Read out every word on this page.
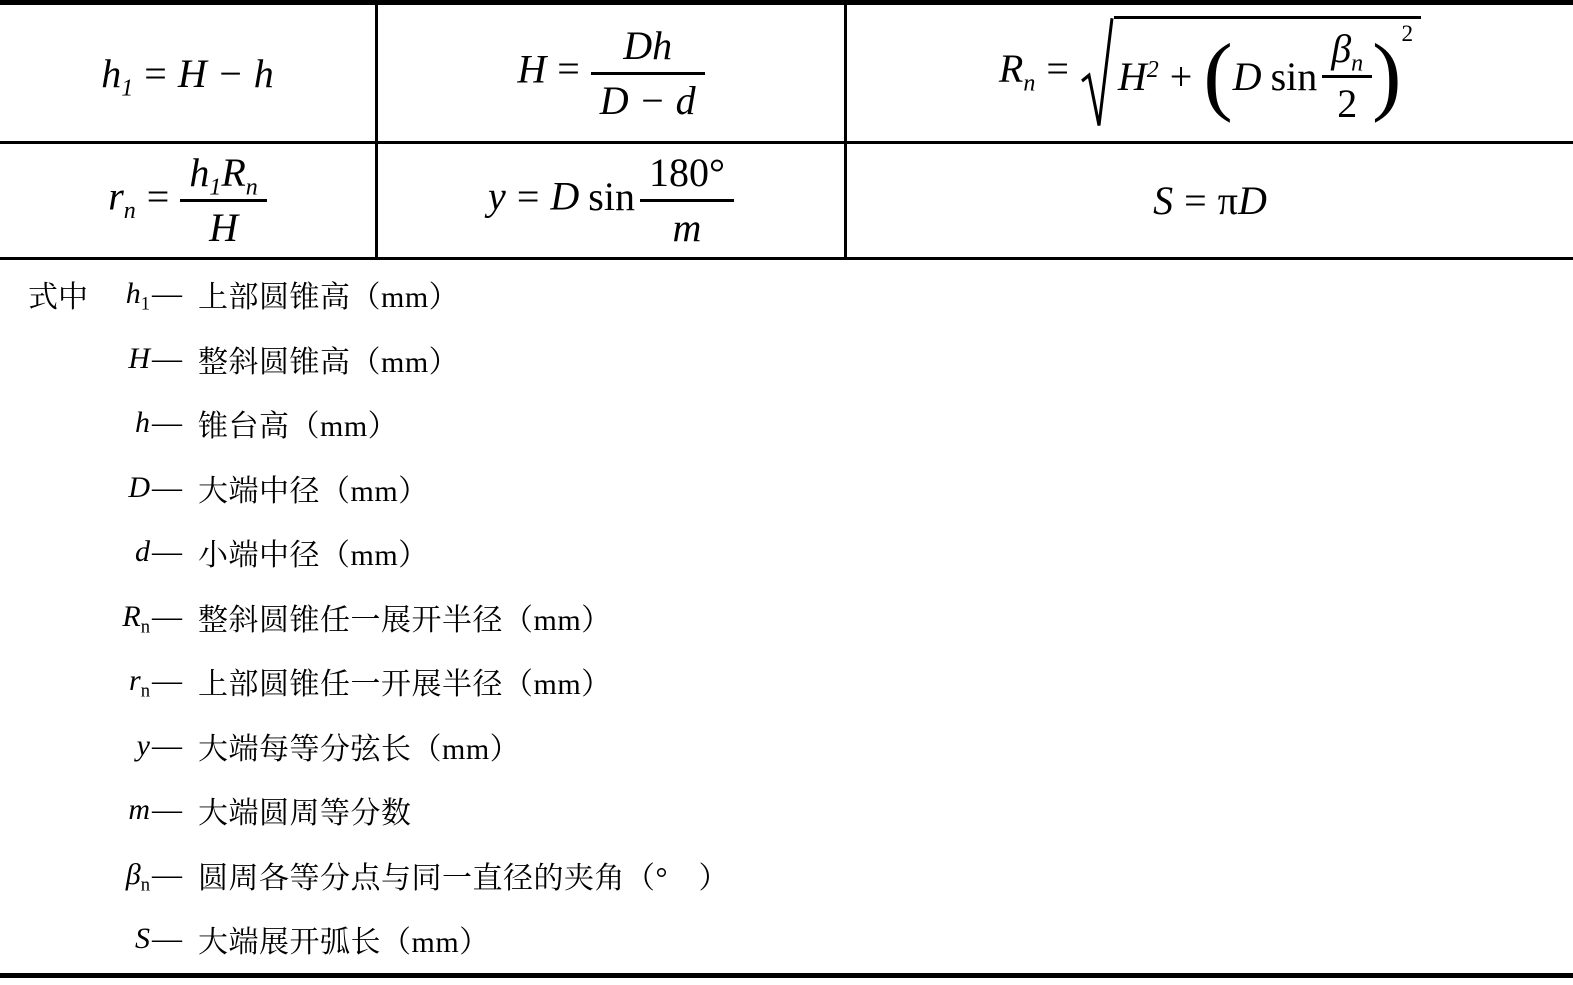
$h_1 = H - h$	$H = \frac{Dh}{D - d}$	$R_n = H^2$ + ( D $\sin \frac{\beta_n}{2} )^2$
$r_n = \frac{h_1R_n}{H}$	y = D $\sin \frac{180^\circ}{m}$	S = πD
式中	$h_1$ — 上部圆锥高（mm）
H — 整斜圆锥高（mm）
h — 锥台高（mm）
D — 大端中径（mm）
d — 小端中径（mm）
$R_n$ — 整斜圆锥任一展开半径（mm）
$r_n$ — 上部圆锥任一开展半径（mm）
y — 大端每等分弦长（mm）
m — 大端圆周等分数
$\beta_n$ — 圆周各等分点与同一直径的夹角（°　）
S — 大端展开弧长（mm）
